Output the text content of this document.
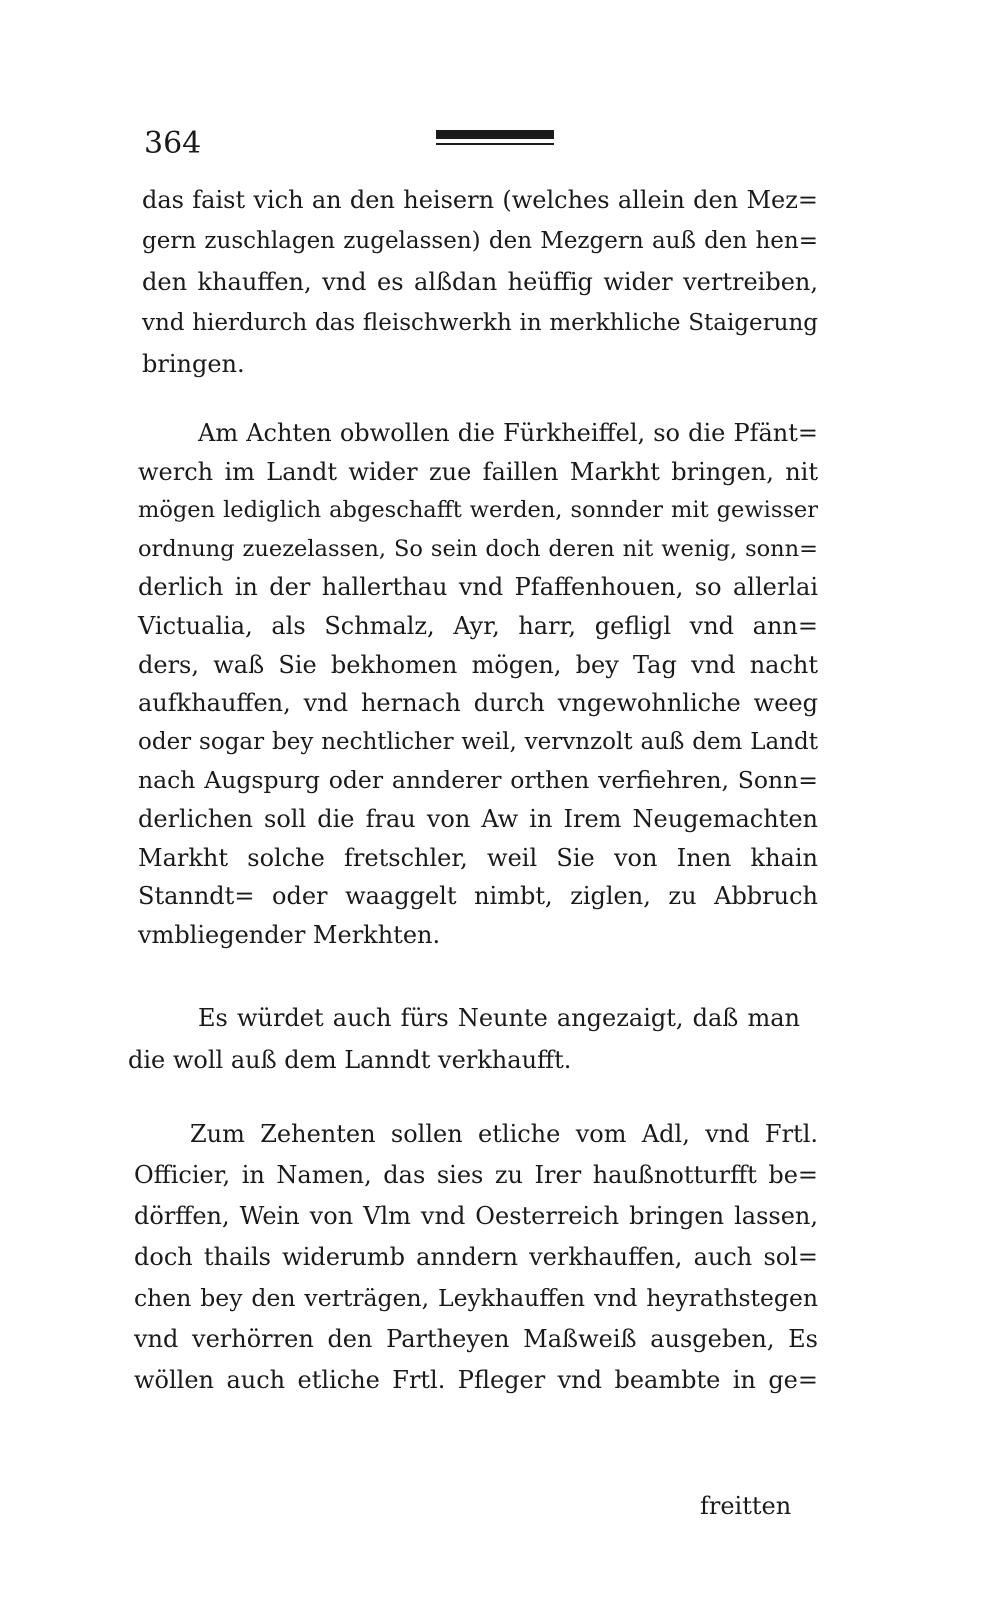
364
das faist vich an den heisern (welches allein den Mez=
gern zuschlagen zugelassen) den Mezgern auß den hen=
den khauffen, vnd es alßdan heüffig wider vertreiben,
vnd hierdurch das fleischwerkh in merkhliche Staigerung
bringen.
Am Achten obwollen die Fürkheiffel, so die Pfänt=
werch im Landt wider zue faillen Markht bringen, nit
mögen lediglich abgeschafft werden, sonnder mit gewisser
ordnung zuezelassen, So sein doch deren nit wenig, sonn=
derlich in der hallerthau vnd Pfaffenhouen, so allerlai
Victualia, als Schmalz, Ayr, harr, gefligl vnd ann=
ders, waß Sie bekhomen mögen, bey Tag vnd nacht
aufkhauffen, vnd hernach durch vngewohnliche weeg
oder sogar bey nechtlicher weil, vervnzolt auß dem Landt
nach Augspurg oder annderer orthen verfiehren, Sonn=
derlichen soll die frau von Aw in Irem Neugemachten
Markht solche fretschler, weil Sie von Inen khain
Stanndt= oder waaggelt nimbt, ziglen, zu Abbruch
vmbliegender Merkhten.
Es würdet auch fürs Neunte angezaigt, daß man
die woll auß dem Lanndt verkhaufft.
Zum Zehenten sollen etliche vom Adl, vnd Frtl.
Officier, in Namen, das sies zu Irer haußnotturfft be=
dörffen, Wein von Vlm vnd Oesterreich bringen lassen,
doch thails widerumb anndern verkhauffen, auch sol=
chen bey den verträgen, Leykhauffen vnd heyrathstegen
vnd verhörren den Partheyen Maßweiß ausgeben, Es
wöllen auch etliche Frtl. Pfleger vnd beambte in ge=
freitten
